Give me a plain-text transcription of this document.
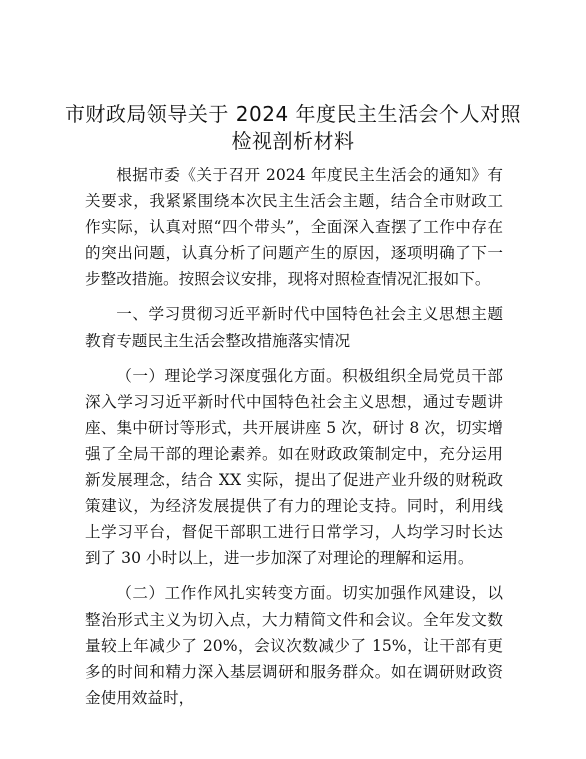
市财政局领导关于 2024 年度民主生活会个人对照检视剖析材料

根据市委《关于召开 2024 年度民主生活会的通知》有关要求，我紧紧围绕本次民主生活会主题，结合全市财政工作实际，认真对照“四个带头”，全面深入查摆了工作中存在的突出问题，认真分析了问题产生的原因，逐项明确了下一步整改措施。按照会议安排，现将对照检查情况汇报如下。

一、学习贯彻习近平新时代中国特色社会主义思想主题教育专题民主生活会整改措施落实情况

（一）理论学习深度强化方面。积极组织全局党员干部深入学习习近平新时代中国特色社会主义思想，通过专题讲座、集中研讨等形式，共开展讲座 5 次，研讨 8 次，切实增强了全局干部的理论素养。如在财政政策制定中，充分运用新发展理念，结合 XX 实际，提出了促进产业升级的财税政策建议，为经济发展提供了有力的理论支持。同时，利用线上学习平台，督促干部职工进行日常学习，人均学习时长达到了 30 小时以上，进一步加深了对理论的理解和运用。

（二）工作作风扎实转变方面。切实加强作风建设，以整治形式主义为切入点，大力精简文件和会议。全年发文数量较上年减少了 20%，会议次数减少了 15%，让干部有更多的时间和精力深入基层调研和服务群众。如在调研财政资金使用效益时，
